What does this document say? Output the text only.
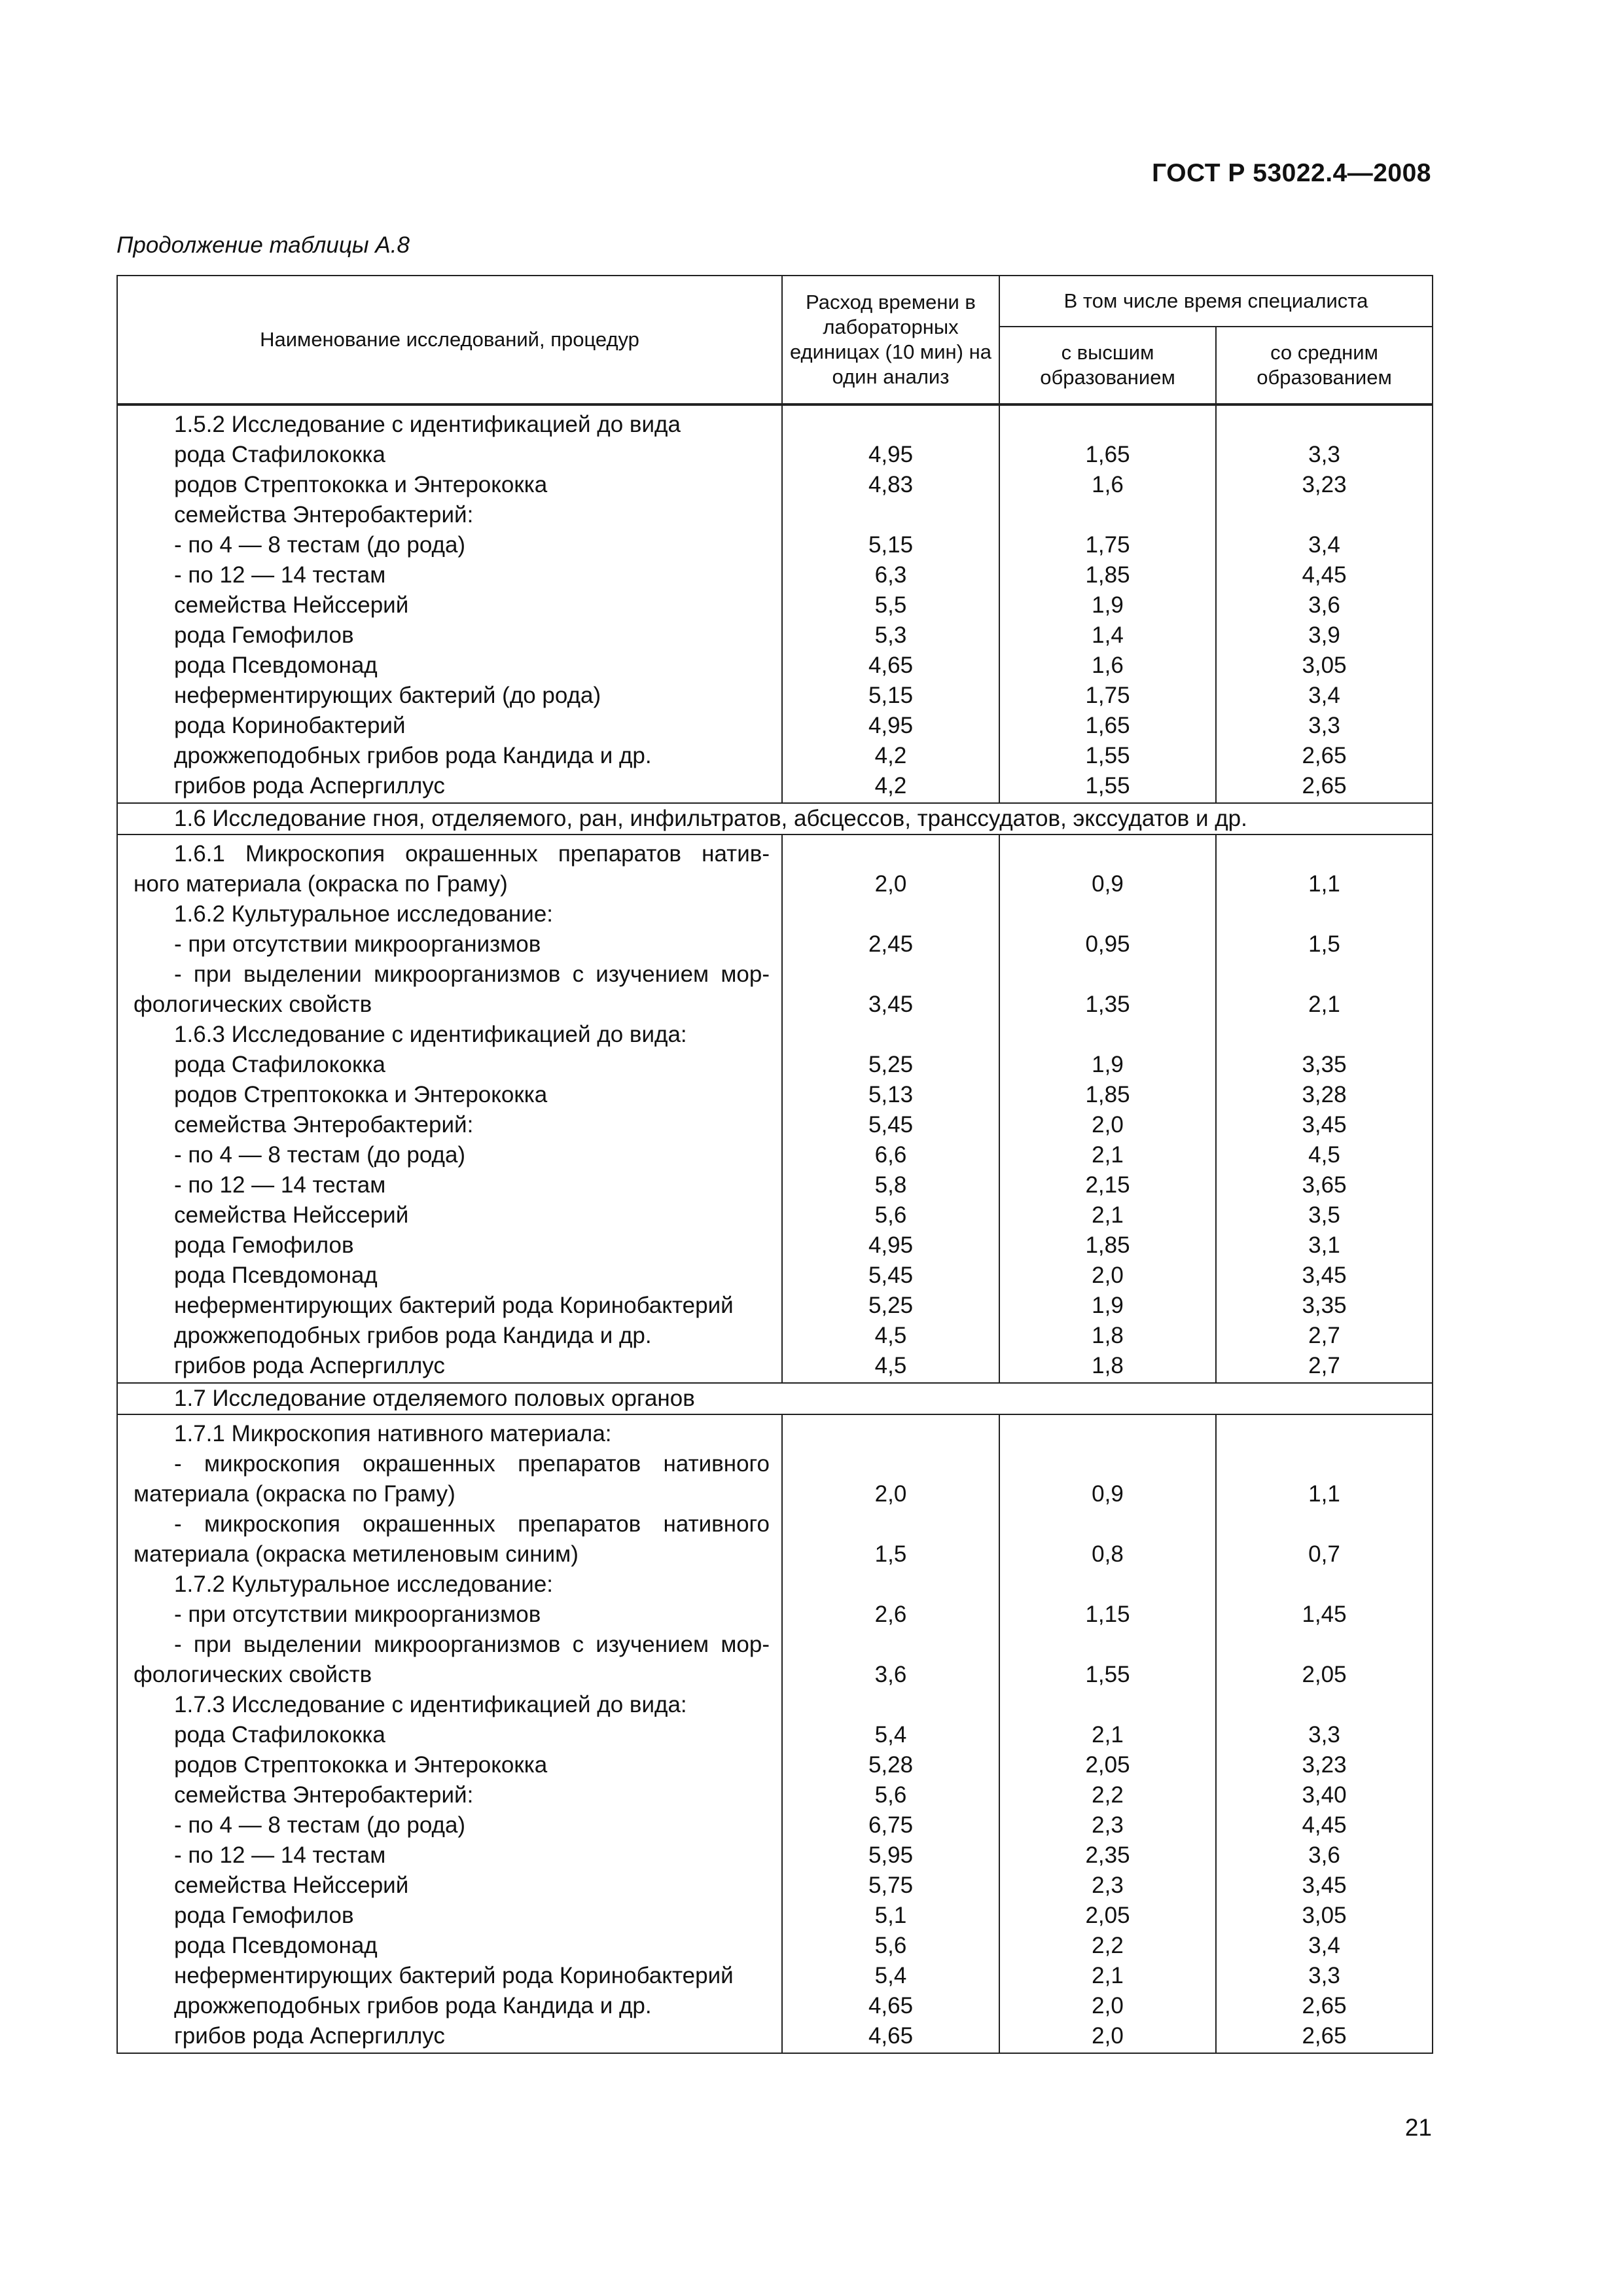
ГОСТ Р 53022.4—2008
Продолжение таблицы А.8
Наименование исследований, процедур	Расход времени в лабораторных единицах (10 мин) на один анализ	В том числе время специалиста	
		с высшим образованием	со средним образованием

1.5.2 Исследование с идентификацией до вида			

рода Стафилококка	4,95	1,65	3,3

родов Стрептококка и Энтерококка	4,83	1,6	3,23

семейства Энтеробактерий:			

- по 4 — 8 тестам (до рода)	5,15	1,75	3,4

- по 12 — 14 тестам	6,3	1,85	4,45

семейства Нейссерий	5,5	1,9	3,6

рода Гемофилов	5,3	1,4	3,9

рода Псевдомонад	4,65	1,6	3,05

неферментирующих бактерий (до рода)	5,15	1,75	3,4

рода Коринобактерий	4,95	1,65	3,3

дрожжеподобных грибов рода Кандида и др.	4,2	1,55	2,65

грибов рода Аспергиллус	4,2	1,55	2,65
1.6 Исследование гноя, отделяемого, ран, инфильтратов, абсцессов, транссудатов, экссудатов и др.			

1.6.1 Микроскопия окрашенных препаратов натив-			

ного материала (окраска по Граму)	2,0	0,9	1,1

1.6.2 Культуральное исследование:			

- при отсутствии микроорганизмов	2,45	0,95	1,5

- при выделении микроорганизмов с изучением мор-			

фологических свойств	3,45	1,35	2,1

1.6.3 Исследование с идентификацией до вида:			

рода Стафилококка	5,25	1,9	3,35

родов Стрептококка и Энтерококка	5,13	1,85	3,28

семейства Энтеробактерий:	5,45	2,0	3,45

- по 4 — 8 тестам (до рода)	6,6	2,1	4,5

- по 12 — 14 тестам	5,8	2,15	3,65

семейства Нейссерий	5,6	2,1	3,5

рода Гемофилов	4,95	1,85	3,1

рода Псевдомонад	5,45	2,0	3,45

неферментирующих бактерий рода Коринобактерий	5,25	1,9	3,35

дрожжеподобных грибов рода Кандида и др.	4,5	1,8	2,7

грибов рода Аспергиллус	4,5	1,8	2,7
1.7 Исследование отделяемого половых органов			

1.7.1 Микроскопия нативного материала:			

- микроскопия окрашенных препаратов нативного			

материала (окраска по Граму)	2,0	0,9	1,1

- микроскопия окрашенных препаратов нативного			

материала (окраска метиленовым синим)	1,5	0,8	0,7

1.7.2 Культуральное исследование:			

- при отсутствии микроорганизмов	2,6	1,15	1,45

- при выделении микроорганизмов с изучением мор-			

фологических свойств	3,6	1,55	2,05

1.7.3 Исследование с идентификацией до вида:			

рода Стафилококка	5,4	2,1	3,3

родов Стрептококка и Энтерококка	5,28	2,05	3,23

семейства Энтеробактерий:	5,6	2,2	3,40

- по 4 — 8 тестам (до рода)	6,75	2,3	4,45

- по 12 — 14 тестам	5,95	2,35	3,6

семейства Нейссерий	5,75	2,3	3,45

рода Гемофилов	5,1	2,05	3,05

рода Псевдомонад	5,6	2,2	3,4

неферментирующих бактерий рода Коринобактерий	5,4	2,1	3,3

дрожжеподобных грибов рода Кандида и др.	4,65	2,0	2,65

грибов рода Аспергиллус	4,65	2,0	2,65
21
